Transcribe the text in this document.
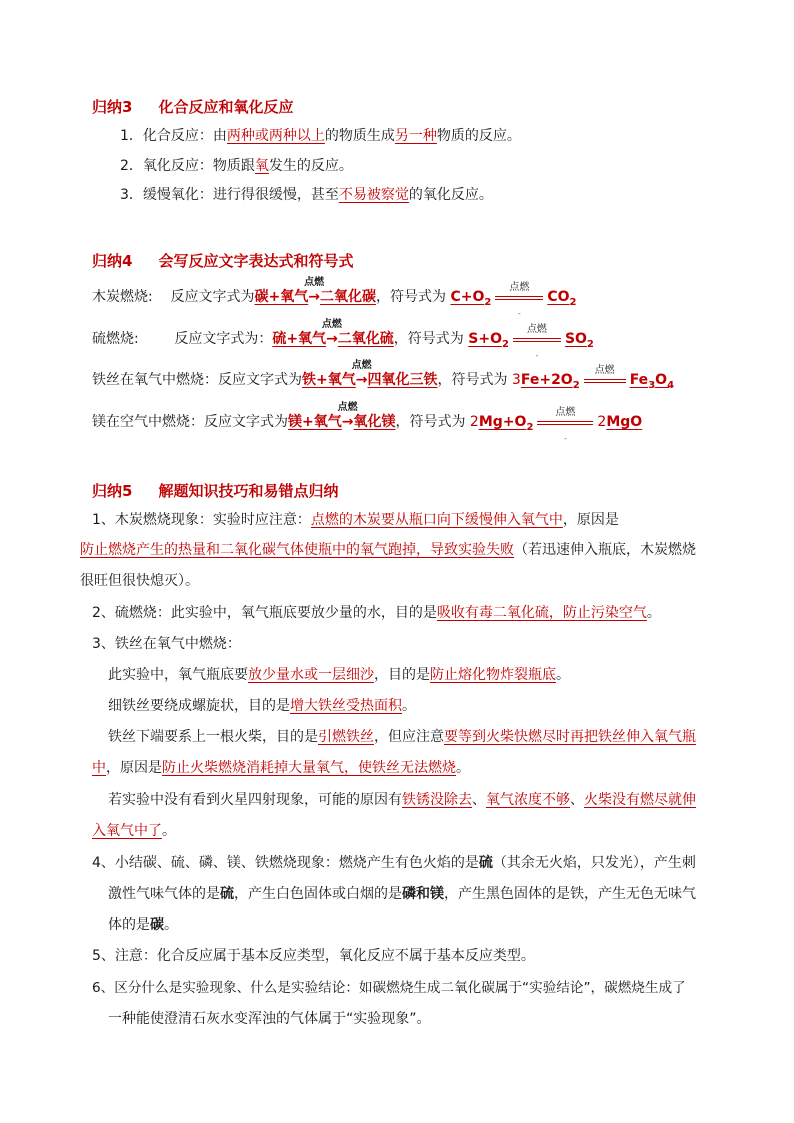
归纳3 化合反应和氧化反应
1．化合反应：由两种或两种以上的物质生成另一种物质的反应。
2．氧化反应：物质跟氧发生的反应。
3．缓慢氧化：进行得很缓慢，甚至不易被察觉的氧化反应。
归纳4 会写反应文字表达式和符号式
木炭燃烧: 反应文字式为碳+氧气
点燃
→二氧化碳，符号式为 $C+O_2$
点燃
-
$CO_2$
硫燃烧:	反应文字式为：硫+氧气
点燃
→二氧化硫，符号式为 $S+O_2$
点燃
-
$SO_2$
铁丝在氧气中燃烧：反应文字式为铁+氧气
点燃
→四氧化三铁，符号式为 $3Fe+2O_2$
点燃
$Fe_3O_4$
镁在空气中燃烧：反应文字式为镁+氧气
点燃
→氧化镁，符号式为 $2Mg+O_2$
点燃
-
2MgO
归纳5 解题知识技巧和易错点归纳
1、木炭燃烧现象：实验时应注意：点燃的木炭要从瓶口向下缓慢伸入氧气中，原因是
防止燃烧产生的热量和二氧化碳气体使瓶中的氧气跑掉，导致实验失败（若迅速伸入瓶底，木炭燃烧
很旺但很快熄灭）。
2、硫燃烧：此实验中，氧气瓶底要放少量的水，目的是吸收有毒二氧化硫，防止污染空气。
3、铁丝在氧气中燃烧：
此实验中，氧气瓶底要放少量水或一层细沙，目的是防止熔化物炸裂瓶底。
细铁丝要绕成螺旋状，目的是增大铁丝受热面积。
铁丝下端要系上一根火柴，目的是引燃铁丝，但应注意要等到火柴快燃尽时再把铁丝伸入氧气瓶
中，原因是防止火柴燃烧消耗掉大量氧气，使铁丝无法燃烧。
若实验中没有看到火星四射现象，可能的原因有铁锈没除去、氧气浓度不够、火柴没有燃尽就伸
入氧气中了。
4、小结碳、硫、磷、镁、铁燃烧现象：燃烧产生有色火焰的是硫（其余无火焰，只发光），产生刺
激性气味气体的是硫，产生白色固体或白烟的是磷和镁，产生黑色固体的是铁，产生无色无味气
体的是碳。
5、注意：化合反应属于基本反应类型，氧化反应不属于基本反应类型。
6、区分什么是实验现象、什么是实验结论：如碳燃烧生成二氧化碳属于“实验结论”，碳燃烧生成了
一种能使澄清石灰水变浑浊的气体属于“实验现象”。
